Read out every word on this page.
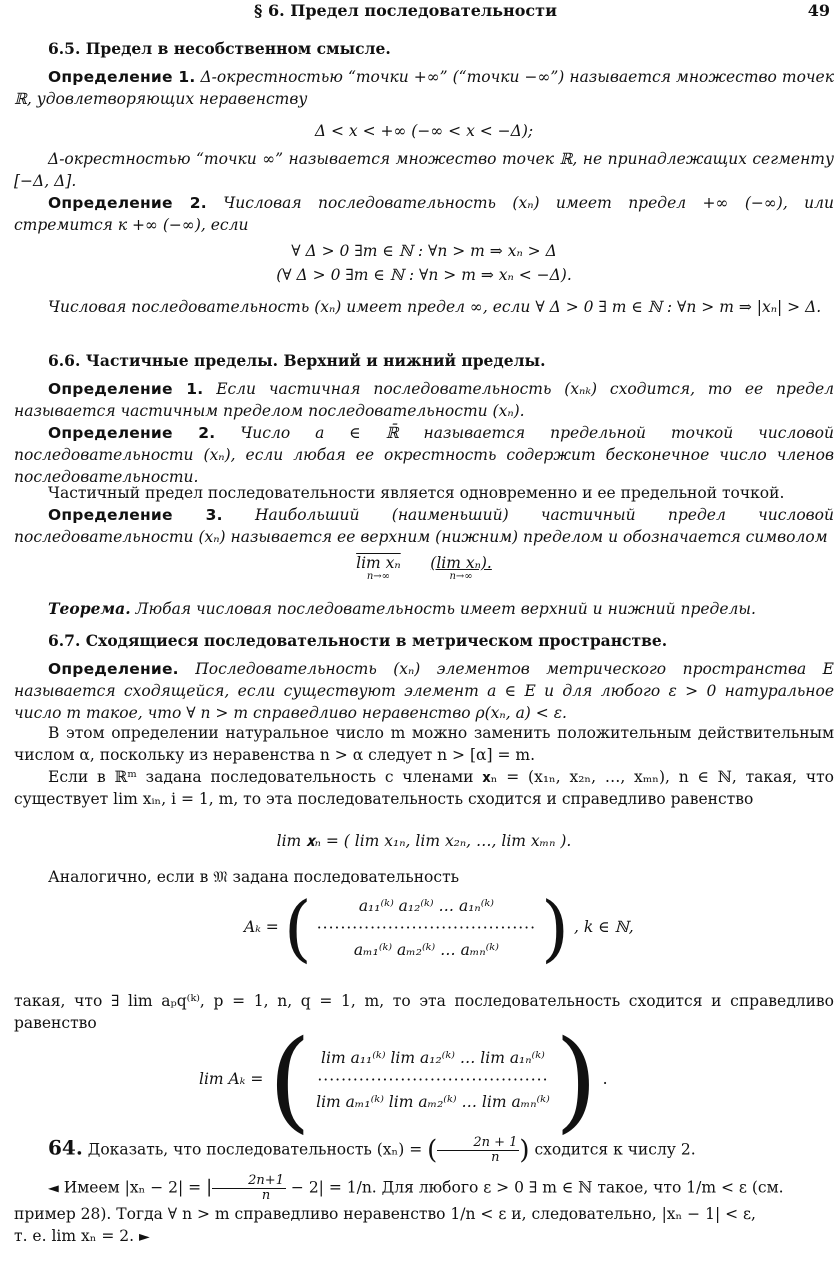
§ 6. Предел последовательности	49

6.5. Предел в несобственном смысле.

Определение 1. Δ-окрестностью “точки +∞” (“точки −∞”) называется множество точек ℝ, удовлетворяющих неравенству

Δ < x < +∞ (−∞ < x < −Δ);

Δ-окрестностью “точки ∞” называется множество точек ℝ, не принадлежащих сегменту [−Δ, Δ].

Определение 2. Числовая последовательность (xₙ) имеет предел +∞ (−∞), или стремится к +∞ (−∞), если

∀ Δ > 0 ∃m ∈ ℕ : ∀n > m ⇒ xₙ > Δ
(∀ Δ > 0 ∃m ∈ ℕ : ∀n > m ⇒ xₙ < −Δ).

Числовая последовательность (xₙ) имеет предел ∞, если ∀ Δ > 0 ∃ m ∈ ℕ : ∀n > m ⇒ |xₙ| > Δ.

6.6. Частичные пределы. Верхний и нижний пределы.

Определение 1. Если частичная последовательность (xₙₖ) сходится, то ее предел называется частичным пределом последовательности (xₙ).

Определение 2. Число a ∈ ℝ̄ называется предельной точкой числовой последовательности (xₙ), если любая ее окрестность содержит бесконечное число членов последовательности.

Частичный предел последовательности является одновременно и ее предельной точкой.

Определение 3. Наибольший (наименьший) частичный предел числовой последовательности (xₙ) называется ее верхним (нижним) пределом и обозначается символом

lim xₙ
n→∞
(lim xₙ).
n→∞

Теорема. Любая числовая последовательность имеет верхний и нижний пределы.

6.7. Сходящиеся последовательности в метрическом пространстве.

Определение. Последовательность (xₙ) элементов метрического пространства E называется сходящейся, если существуют элемент a ∈ E и для любого ε > 0 натуральное число m такое, что ∀ n > m справедливо неравенство ρ(xₙ, a) < ε.

В этом определении натуральное число m можно заменить положительным действительным числом α, поскольку из неравенства n > α следует n > [α] = m.

Если в ℝᵐ задана последовательность с членами 𝐱ₙ = (x₁ₙ, x₂ₙ, …, xₘₙ), n ∈ ℕ, такая, что существует lim xᵢₙ, i = 1, m, то эта последовательность сходится и справедливо равенство

lim 𝐱ₙ = ( lim x₁ₙ, lim x₂ₙ, …, lim xₘₙ ).

Аналогично, если в 𝔐 задана последовательность

Aₖ = (	a₁₁⁽ᵏ⁾ a₁₂⁽ᵏ⁾ … a₁ₙ⁽ᵏ⁾
·····································
aₘ₁⁽ᵏ⁾ aₘ₂⁽ᵏ⁾ … aₘₙ⁽ᵏ⁾ ) , k ∈ ℕ,

такая, что ∃ lim aₚq⁽ᵏ⁾, p = 1, n, q = 1, m, то эта последовательность сходится и справедливо равенство

lim Aₖ = ( lim a₁₁⁽ᵏ⁾ lim a₁₂⁽ᵏ⁾ … lim a₁ₙ⁽ᵏ⁾
·······································
lim aₘ₁⁽ᵏ⁾ lim aₘ₂⁽ᵏ⁾ … lim aₘₙ⁽ᵏ⁾ ) .

64. Доказать, что последовательность (xₙ) = ( $\frac{2n + 1}{n}$ ) сходится к числу 2.

◄ Имеем |xₙ − 2| = | $\frac{2n+1}{n} - 2| = 1/n$. Для любого ε > 0 ∃ m ∈ ℕ такое, что 1/m < ε (см.

пример 28). Тогда ∀ n > m справедливо неравенство 1/n < ε и, следовательно, |xₙ − 1| < ε,

т. е. lim xₙ = 2. ►
